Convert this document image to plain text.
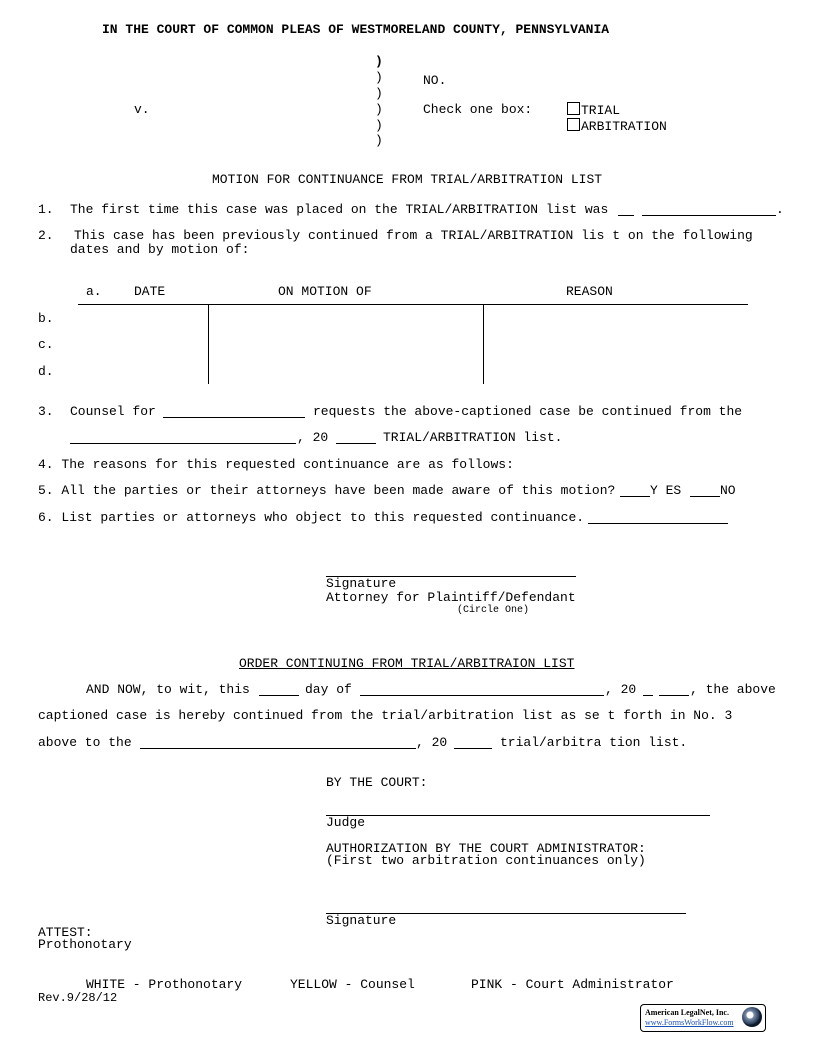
IN THE COURT OF COMMON PLEAS OF WESTMORELAND COUNTY, PENNSYLVANIA
)
)
)
)
)
)
NO.
v.	Check one box:	TRIAL
ARBITRATION
MOTION FOR CONTINUANCE FROM TRIAL/ARBITRATION LIST
1. The first time this case was placed on the TRIAL/ARBITRATION list was	.
2. This case has been previously continued from a TRIAL/ARBITRATION lis t on the following
dates and by motion of:
a. DATE	ON MOTION OF	REASON
b.
c.
d.
3. Counsel for	requests the above-captioned case be continued from the
, 20	TRIAL/ARBITRATION list.
4. The reasons for this requested continuance are as follows:
5. All the parties or their attorneys have been made aware of this motion?	Y ES	NO
6. List parties or attorneys who object to this requested continuance.
Signature
Attorney for Plaintiff/Defendant
(Circle One)
ORDER CONTINUING FROM TRIAL/ARBITRAION LIST
AND NOW, to wit, this	day of	, 20	, the above
captioned case is hereby continued from the trial/arbitration list as se t forth in No. 3
above to the	, 20	trial/arbitra tion list.
BY THE COURT:
Judge
AUTHORIZATION BY THE COURT ADMINISTRATOR:
(First two arbitration continuances only)
Signature
ATTEST:
Prothonotary
WHITE - Prothonotary	YELLOW - Counsel	PINK - Court Administrator
Rev.9/28/12
American LegalNet, Inc.
www.FormsWorkFlow.com
